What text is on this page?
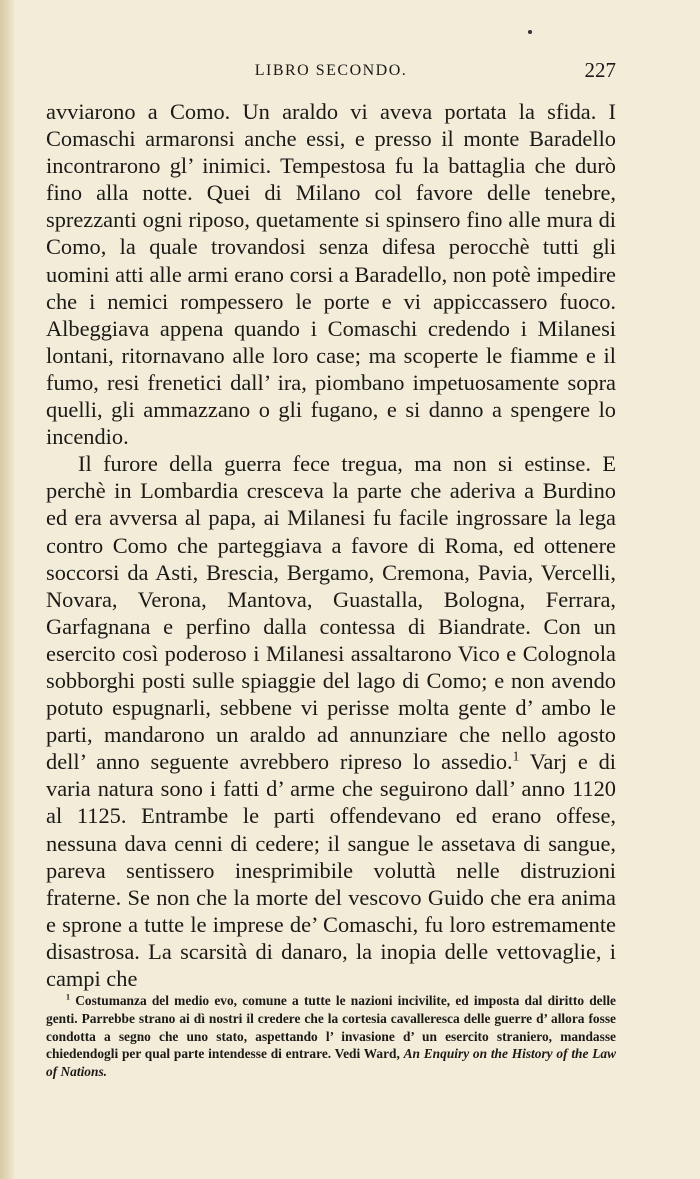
LIBRO SECONDO.	227

avviarono a Como. Un araldo vi aveva portata la sfida. I Comaschi armaronsi anche essi, e presso il monte Baradello incontrarono gl’ inimici. Tempestosa fu la battaglia che durò fino alla notte. Quei di Milano col favore delle tenebre, sprezzanti ogni riposo, quetamente si spinsero fino alle mura di Como, la quale trovandosi senza difesa perocchè tutti gli uomini atti alle armi erano corsi a Baradello, non potè impedire che i nemici rompessero le porte e vi appiccassero fuoco. Albeggiava appena quando i Comaschi credendo i Milanesi lontani, ritornavano alle loro case; ma scoperte le fiamme e il fumo, resi frenetici dall’ ira, piombano impetuosamente sopra quelli, gli ammazzano o gli fugano, e si danno a spengere lo incendio.

Il furore della guerra fece tregua, ma non si estinse. E perchè in Lombardia cresceva la parte che aderiva a Burdino ed era avversa al papa, ai Milanesi fu facile ingrossare la lega contro Como che parteggiava a favore di Roma, ed ottenere soccorsi da Asti, Brescia, Bergamo, Cremona, Pavia, Vercelli, Novara, Verona, Mantova, Guastalla, Bologna, Ferrara, Garfagnana e perfino dalla contessa di Biandrate. Con un esercito così poderoso i Milanesi assaltarono Vico e Colognola sobborghi posti sulle spiaggie del lago di Como; e non avendo potuto espugnarli, sebbene vi perisse molta gente d’ ambo le parti, mandarono un araldo ad annunziare che nello agosto dell’ anno seguente avrebbero ripreso lo assedio.$^1$ Varj e di varia natura sono i fatti d’ arme che seguirono dall’ anno 1120 al 1125. Entrambe le parti offendevano ed erano offese, nessuna dava cenni di cedere; il sangue le assetava di sangue, pareva sentissero inesprimibile voluttà nelle distruzioni fraterne. Se non che la morte del vescovo Guido che era anima e sprone a tutte le imprese de’ Comaschi, fu loro estremamente disastrosa. La scarsità di danaro, la inopia delle vettovaglie, i campi che

$^1$ Costumanza del medio evo, comune a tutte le nazioni incivilite, ed imposta dal diritto delle genti. Parrebbe strano ai dì nostri il credere che la cortesia cavalleresca delle guerre d’ allora fosse condotta a segno che uno stato, aspettando l’ invasione d’ un esercito straniero, mandasse chiedendogli per qual parte intendesse di entrare. Vedi Ward, An Enquiry on the History of the Law of Nations.
